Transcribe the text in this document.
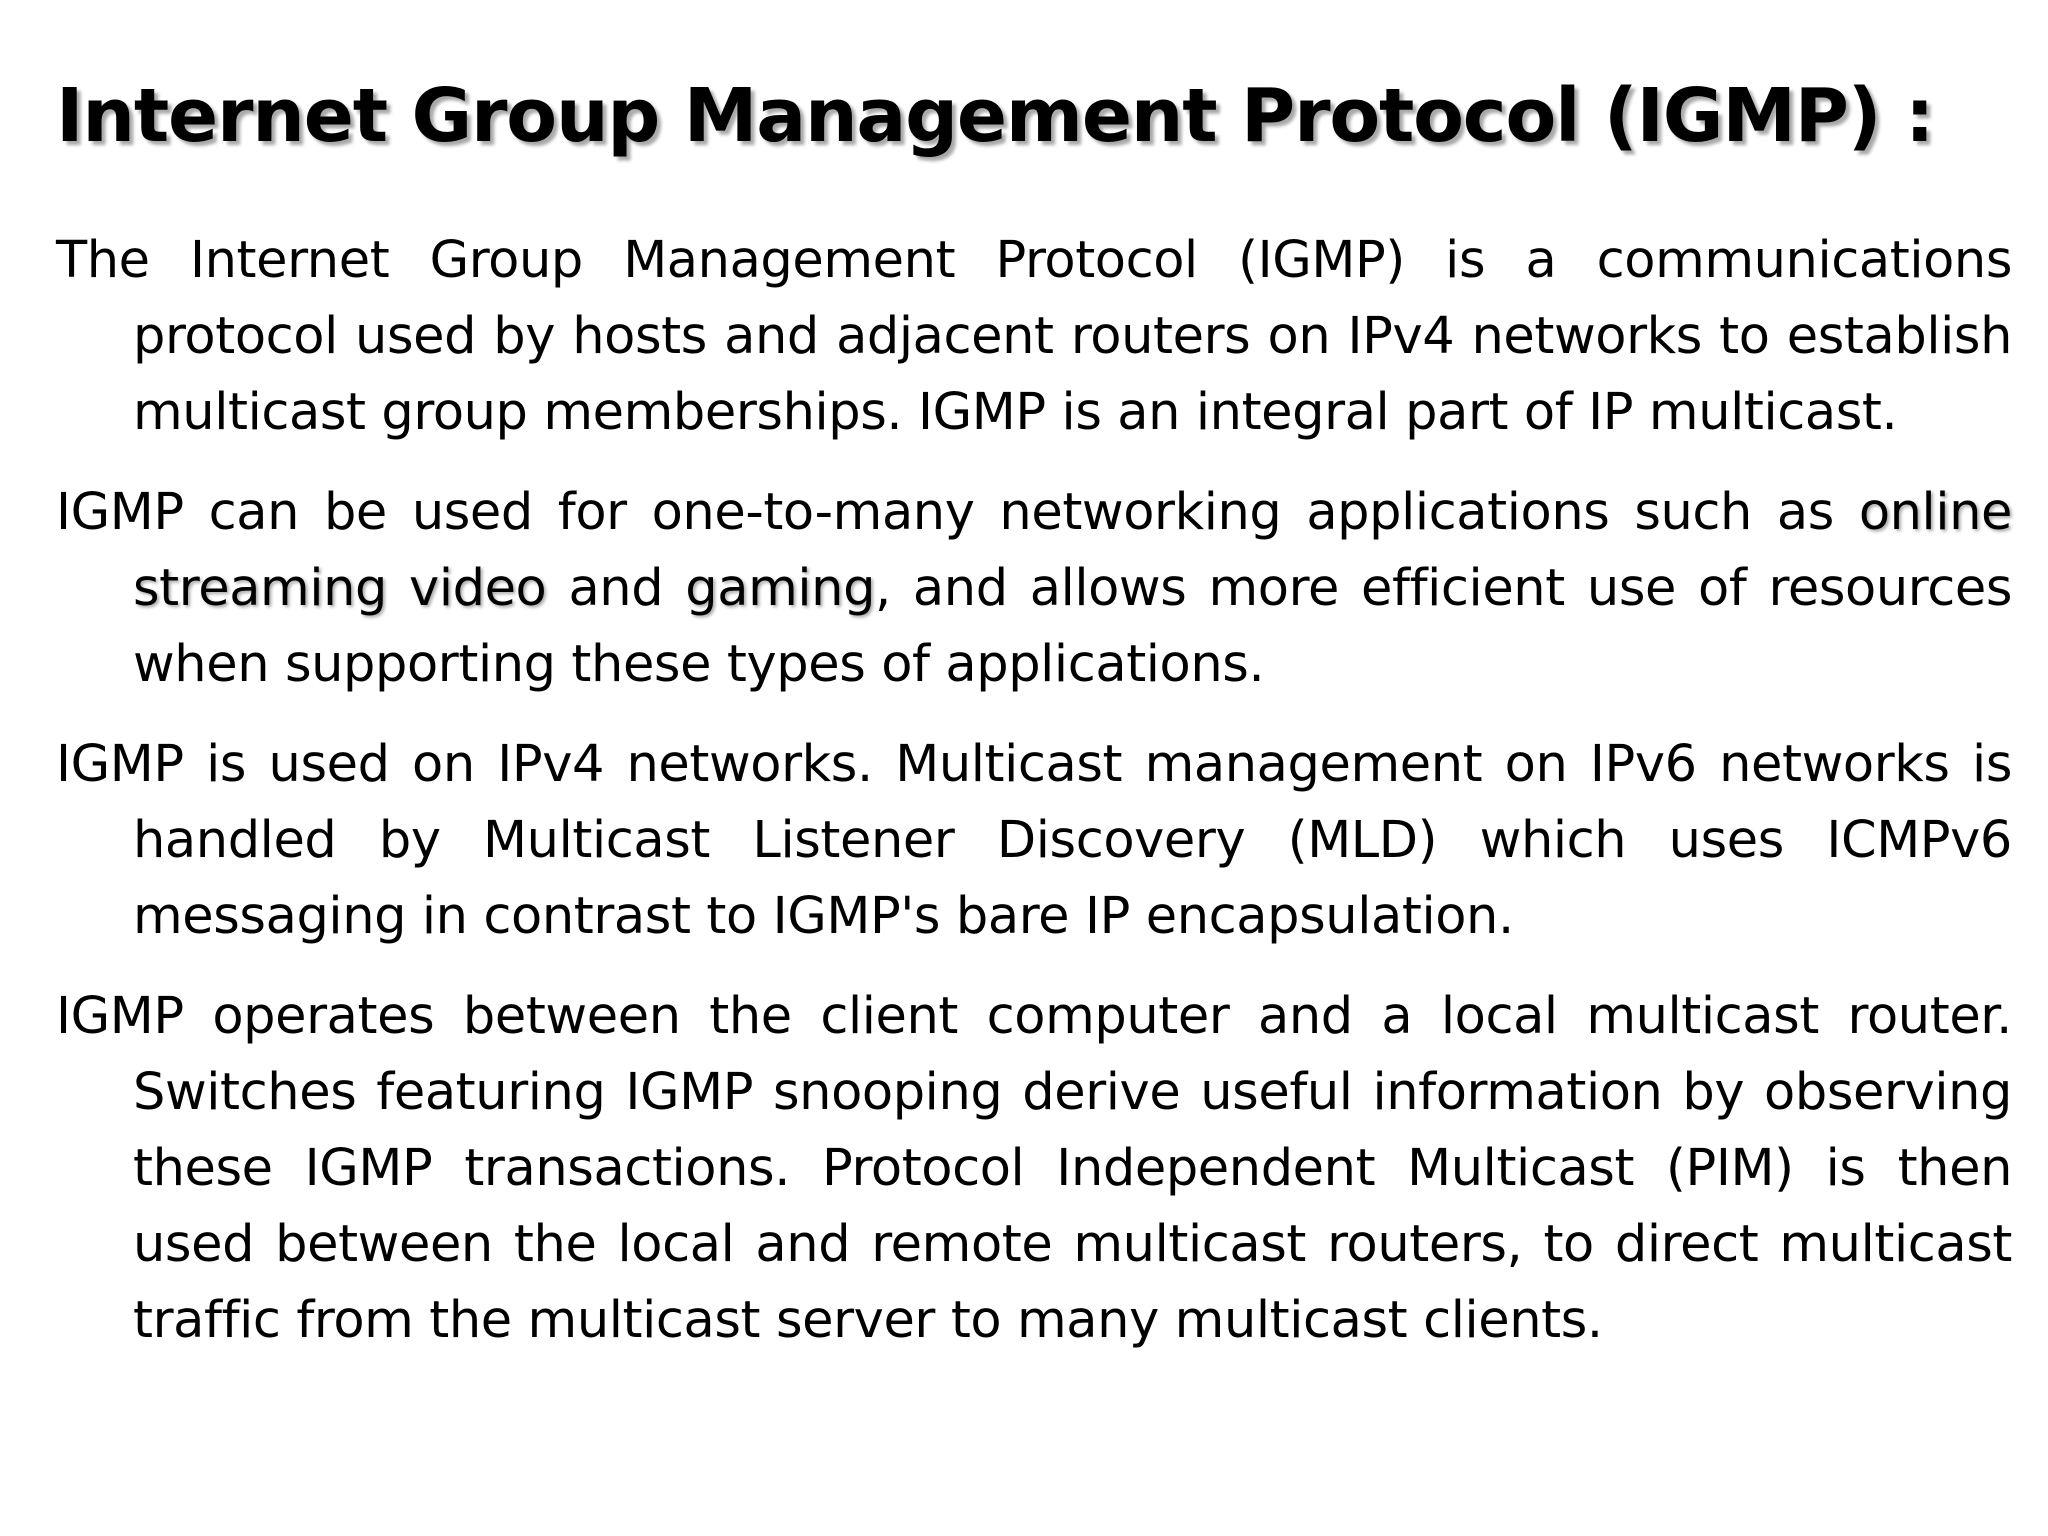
Internet Group Management Protocol (IGMP) :

The Internet Group Management Protocol (IGMP) is a communications protocol used by hosts and adjacent routers on IPv4 networks to establish multicast group memberships. IGMP is an integral part of IP multicast.

IGMP can be used for one-to-many networking applications such as online streaming video and gaming, and allows more efficient use of resources when supporting these types of applications.

IGMP is used on IPv4 networks. Multicast management on IPv6 networks is handled by Multicast Listener Discovery (MLD) which uses ICMPv6 messaging in contrast to IGMP's bare IP encapsulation.

IGMP operates between the client computer and a local multicast router. Switches featuring IGMP snooping derive useful information by observing these IGMP transactions. Protocol Independent Multicast (PIM) is then used between the local and remote multicast routers, to direct multicast traffic from the multicast server to many multicast clients.
